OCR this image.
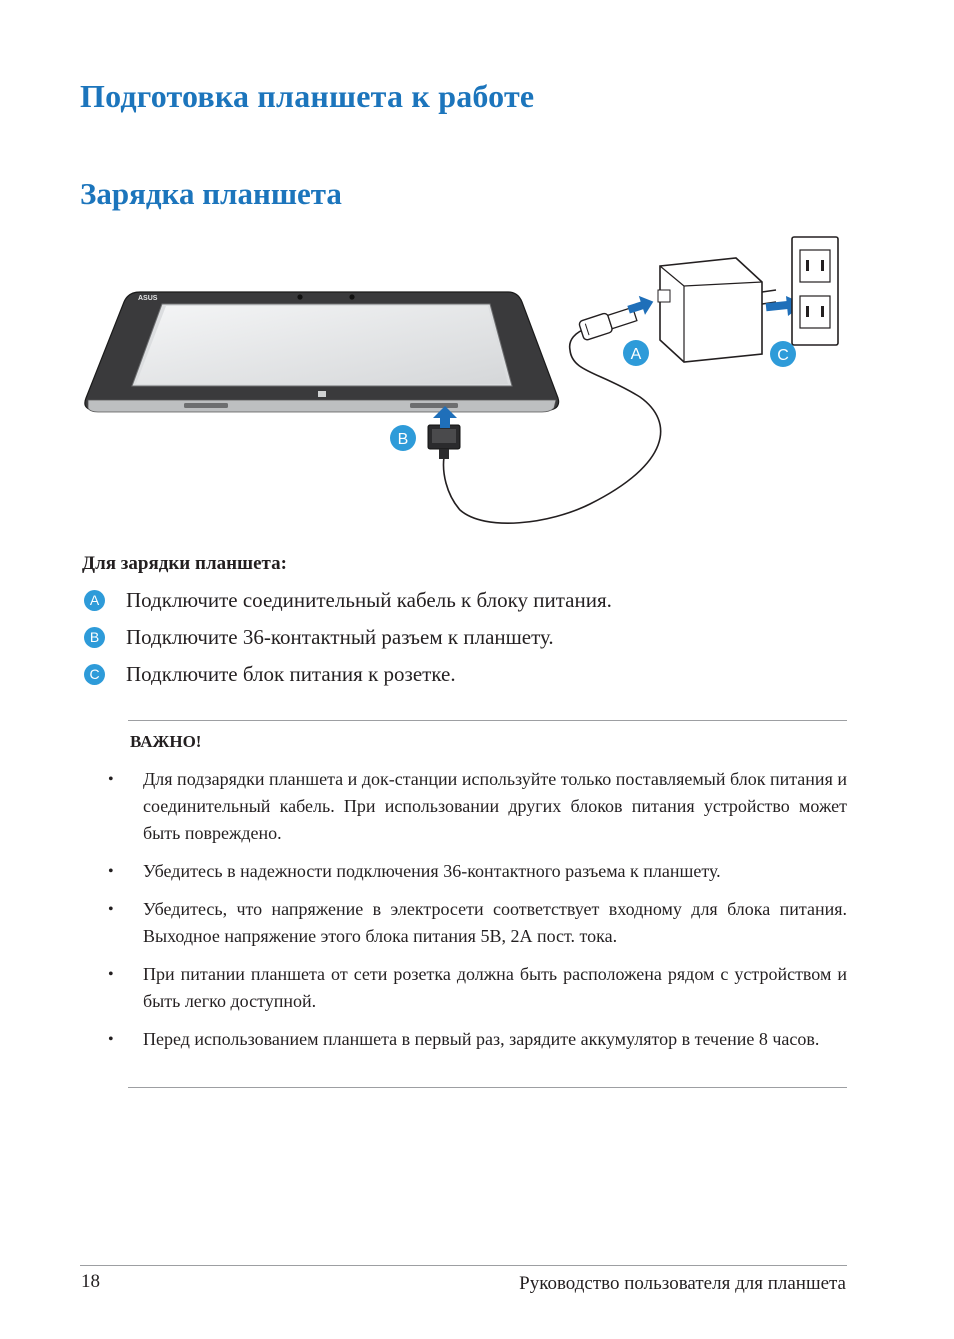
Подготовка планшета к работе
Зарядка планшета
ASUS
A
B
C

Для зарядки планшета:

A Подключите соединительный кабель к блоку питания.
B Подключите 36-контактный разъем к планшету.
C Подключите блок питания к розетке.

ВАЖНО!

• Для подзарядки планшета и док-станции используйте только поставляемый блок питания и соединительный кабель. При использовании других блоков питания устройство может быть повреждено.
• Убедитесь в надежности подключения 36-контактного разъема к планшету.
• Убедитесь, что напряжение в электросети соответствует входному для блока питания. Выходное напряжение этого блока питания 5В, 2А пост. тока.
• При питании планшета от сети розетка должна быть расположена рядом с устройством и быть легко доступной.
• Перед использованием планшета в первый раз, зарядите аккумулятор в течение 8 часов.
18	Руководство пользователя для планшета
